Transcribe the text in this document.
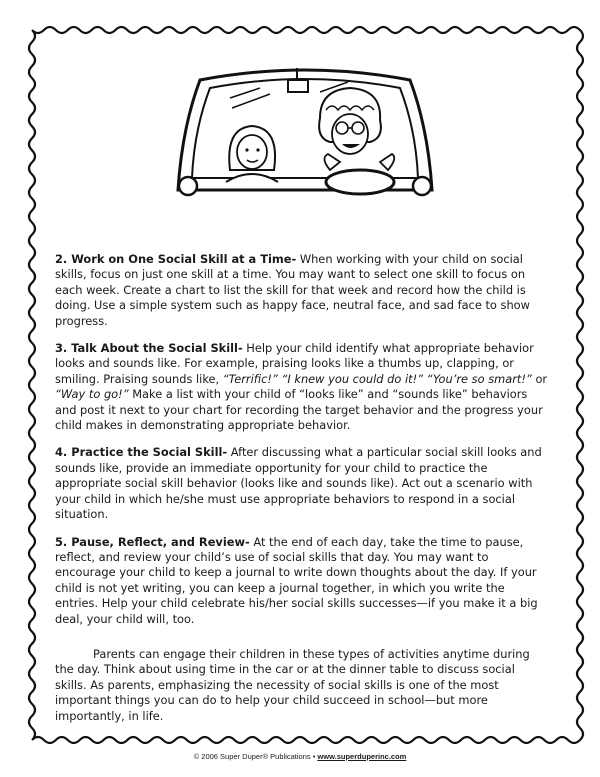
2. Work on One Social Skill at a Time- When working with your child on social skills, focus on just one skill at a time. You may want to select one skill to focus on each week. Create a chart to list the skill for that week and record how the child is doing. Use a simple system such as happy face, neutral face, and sad face to show progress.

3. Talk About the Social Skill- Help your child identify what appropriate behavior looks and sounds like. For example, praising looks like a thumbs up, clapping, or smiling. Praising sounds like, “Terrific!” “I knew you could do it!” “You’re so smart!” or “Way to go!” Make a list with your child of “looks like” and “sounds like” behaviors and post it next to your chart for recording the target behavior and the progress your child makes in demonstrating appropriate behavior.

4. Practice the Social Skill- After discussing what a particular social skill looks and sounds like, provide an immediate opportunity for your child to practice the appropriate social skill behavior (looks like and sounds like). Act out a scenario with your child in which he/she must use appropriate behaviors to respond in a social situation.

5. Pause, Reflect, and Review- At the end of each day, take the time to pause, reflect, and review your child’s use of social skills that day. You may want to encourage your child to keep a journal to write down thoughts about the day. If your child is not yet writing, you can keep a journal together, in which you write the entries. Help your child celebrate his/her social skills successes—if you make it a big deal, your child will, too.

Parents can engage their children in these types of activities anytime during the day. Think about using time in the car or at the dinner table to discuss social skills. As parents, emphasizing the necessity of social skills is one of the most important things you can do to help your child succeed in school—but more importantly, in life.

© 2006 Super Duper® Publications • www.superduperinc.com
